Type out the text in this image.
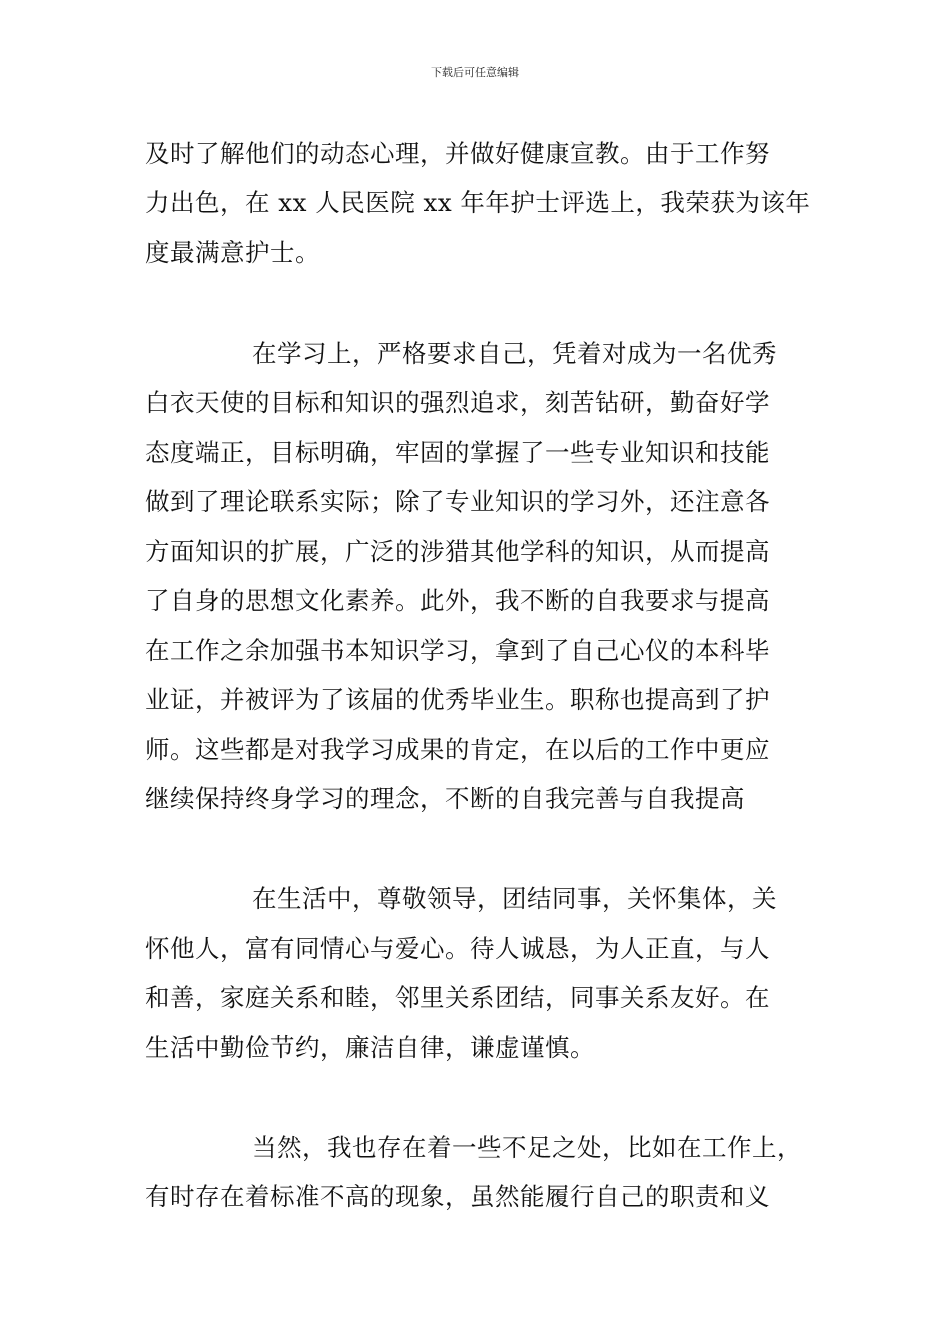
下载后可任意编辑
及时了解他们的动态心理，并做好健康宣教。由于工作努
力出色，在 xx 人民医院 xx 年年护士评选上，我荣获为该年
度最满意护士。
在学习上，严格要求自己，凭着对成为一名优秀
白衣天使的目标和知识的强烈追求，刻苦钻研，勤奋好学
态度端正，目标明确，牢固的掌握了一些专业知识和技能
做到了理论联系实际；除了专业知识的学习外，还注意各
方面知识的扩展，广泛的涉猎其他学科的知识，从而提高
了自身的思想文化素养。此外，我不断的自我要求与提高
在工作之余加强书本知识学习，拿到了自己心仪的本科毕
业证，并被评为了该届的优秀毕业生。职称也提高到了护
师。这些都是对我学习成果的肯定，在以后的工作中更应
继续保持终身学习的理念，不断的自我完善与自我提高
在生活中，尊敬领导，团结同事，关怀集体，关
怀他人，富有同情心与爱心。待人诚恳，为人正直，与人
和善，家庭关系和睦，邻里关系团结，同事关系友好。在
生活中勤俭节约，廉洁自律，谦虚谨慎。
当然，我也存在着一些不足之处，比如在工作上，
有时存在着标准不高的现象，虽然能履行自己的职责和义
